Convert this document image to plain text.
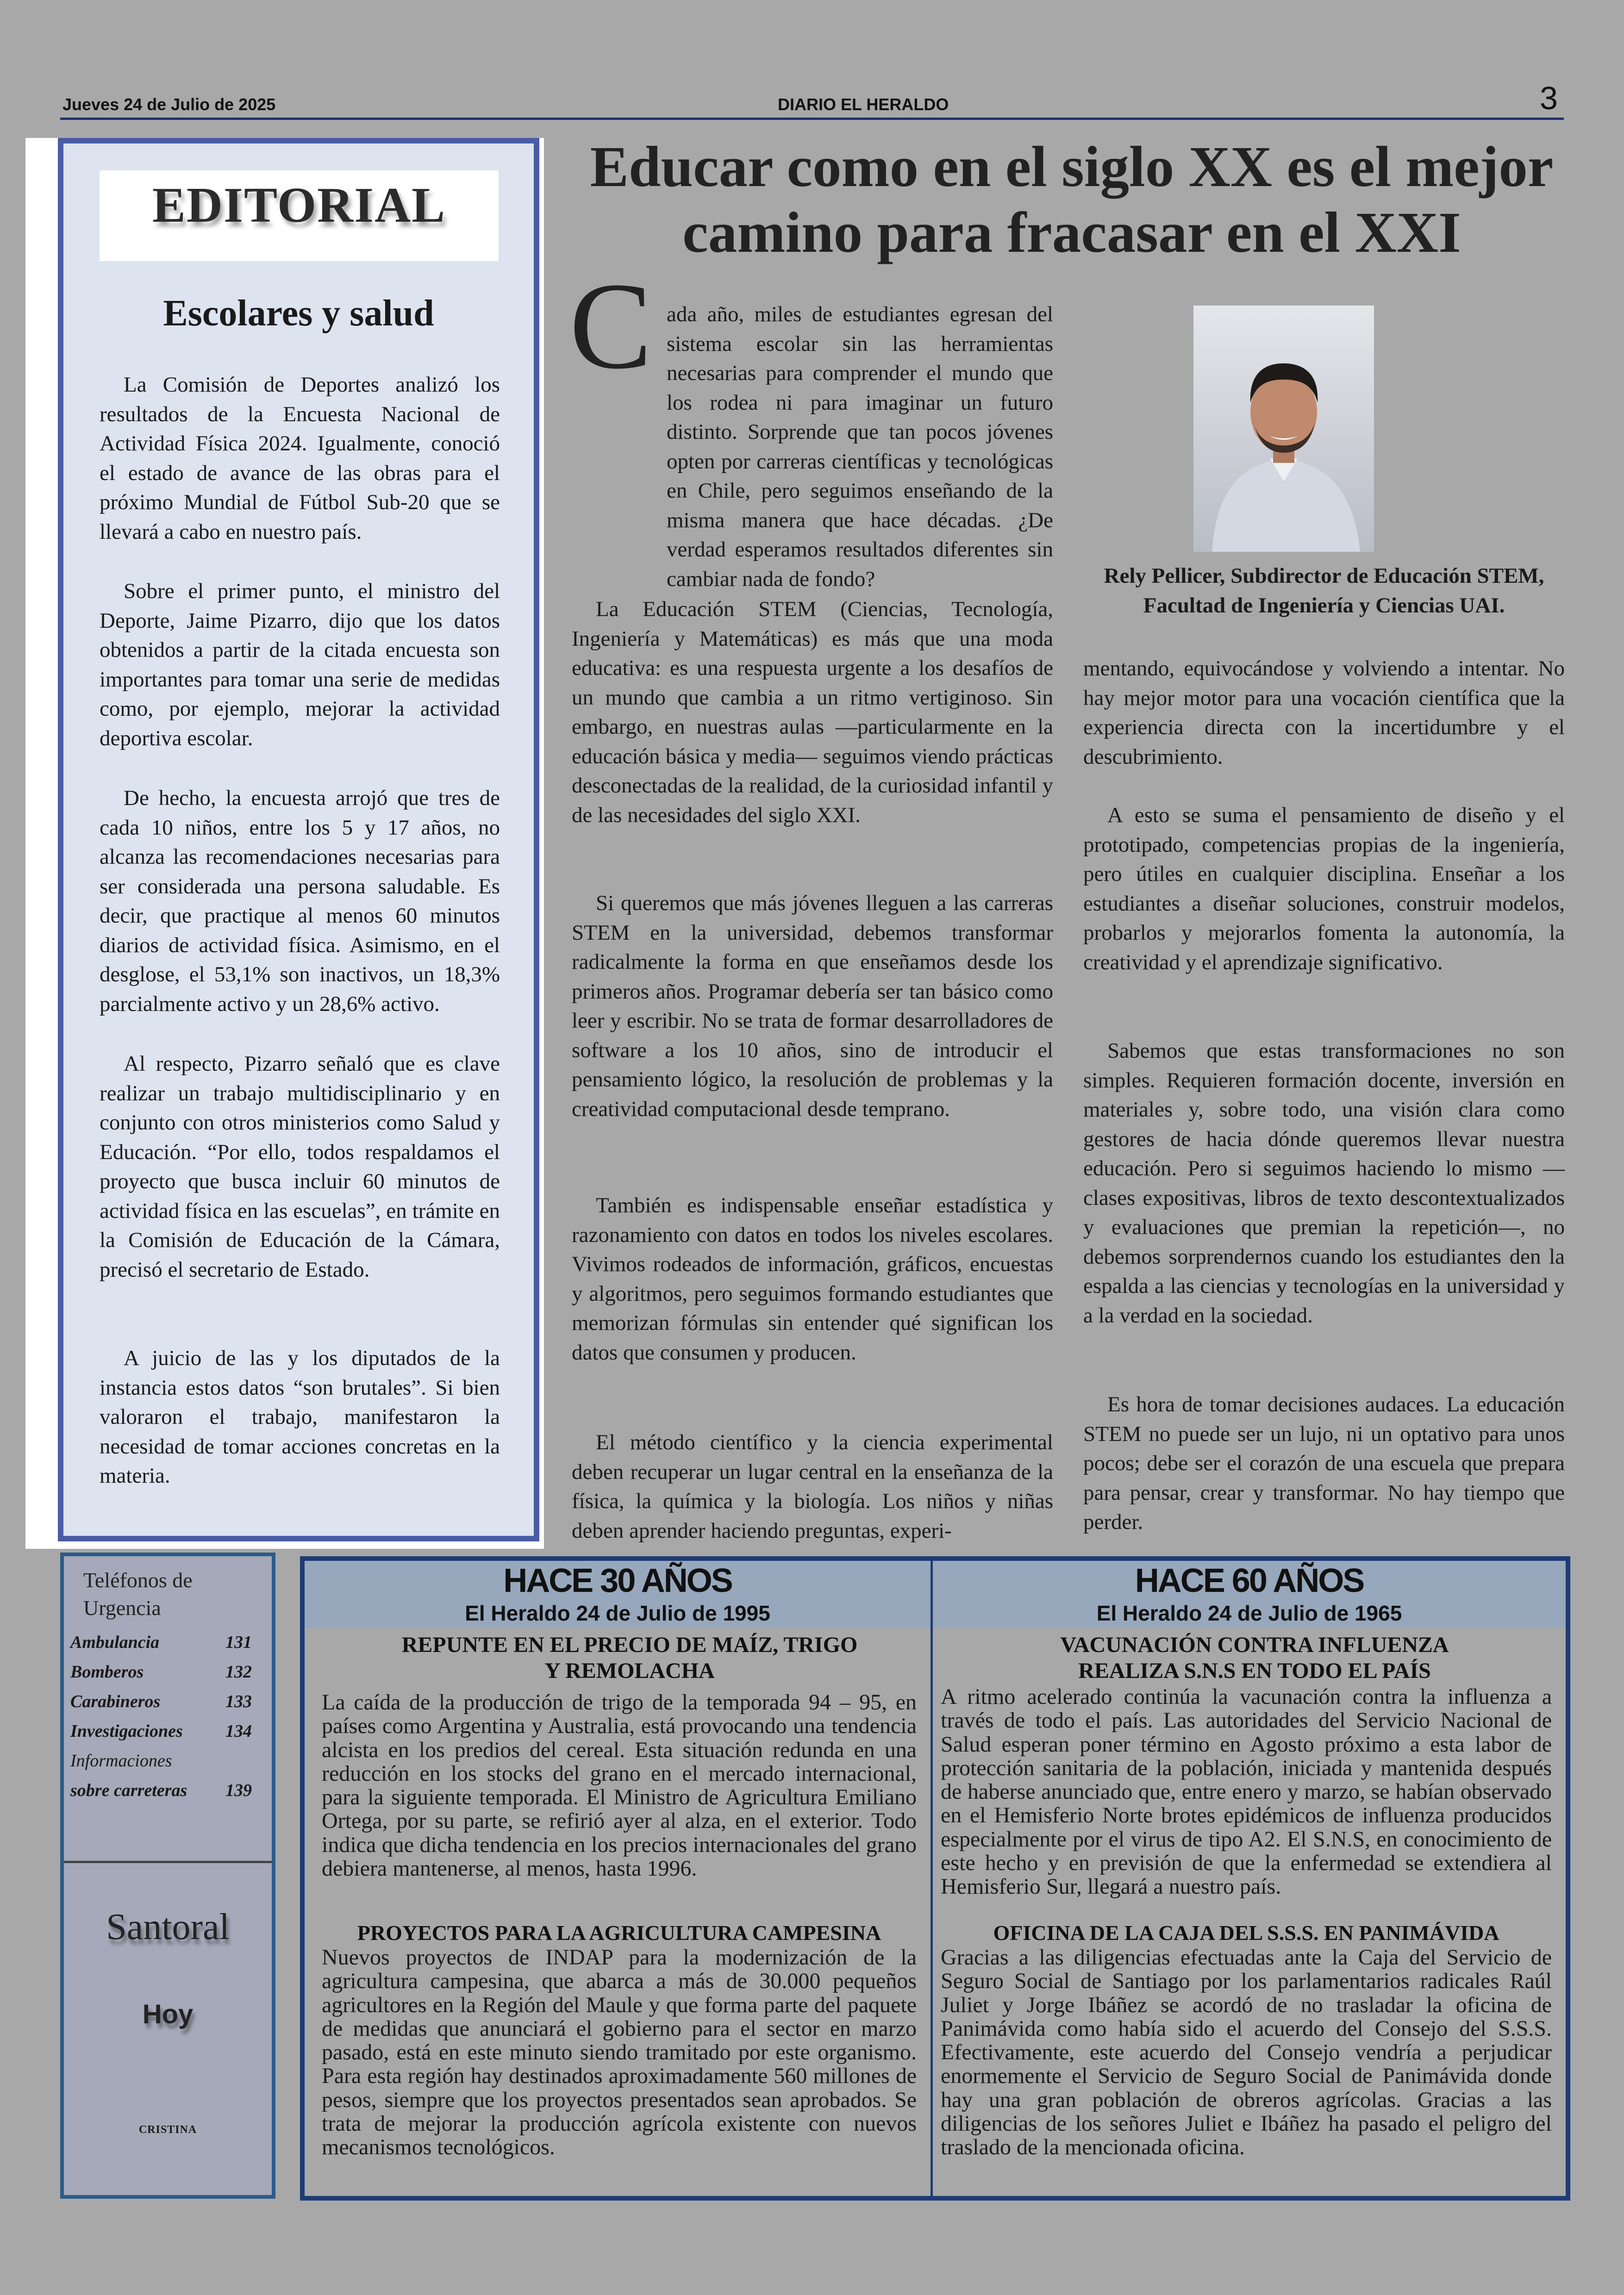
Jueves 24 de Julio de 2025	DIARIO EL HERALDO	3
EDITORIAL
Escolares y salud

La Comisión de Deportes analizó los resultados de la Encuesta Nacional de Actividad Física 2024. Igualmente, conoció el estado de avance de las obras para el próximo Mundial de Fútbol Sub-20 que se llevará a cabo en nuestro país.

Sobre el primer punto, el ministro del Deporte, Jaime Pizarro, dijo que los datos obtenidos a partir de la citada encuesta son importantes para tomar una serie de medidas como, por ejemplo, mejorar la actividad deportiva escolar.

De hecho, la encuesta arrojó que tres de cada 10 niños, entre los 5 y 17 años, no alcanza las recomendaciones necesarias para ser considerada una persona saludable. Es decir, que practique al menos 60 minutos diarios de actividad física. Asimismo, en el desglose, el 53,1% son inactivos, un 18,3% parcialmente activo y un 28,6% activo.

Al respecto, Pizarro señaló que es clave realizar un trabajo multidisciplinario y en conjunto con otros ministerios como Salud y Educación. “Por ello, todos respaldamos el proyecto que busca incluir 60 minutos de actividad física en las escuelas”, en trámite en la Comisión de Educación de la Cámara, precisó el secretario de Estado.

A juicio de las y los diputados de la instancia estos datos “son brutales”. Si bien valoraron el trabajo, manifestaron la necesidad de tomar acciones concretas en la materia.

Educar como en el siglo XX es el mejor camino para fracasar en el XXI
C ada año, miles de estudiantes egresan del sistema escolar sin las herramientas necesarias para comprender el mundo que los rodea ni para imaginar un futuro distinto. Sorprende que tan pocos jóvenes opten por carreras científicas y tecnológicas en Chile, pero seguimos enseñando de la misma manera que hace décadas. ¿De verdad esperamos resultados diferentes sin cambiar nada de fondo?

La Educación STEM (Ciencias, Tecnología, Ingeniería y Matemáticas) es más que una moda educativa: es una respuesta urgente a los desafíos de un mundo que cambia a un ritmo vertiginoso. Sin embargo, en nuestras aulas —particularmente en la educación básica y media— seguimos viendo prácticas desconectadas de la realidad, de la curiosidad infantil y de las necesidades del siglo XXI.

Si queremos que más jóvenes lleguen a las carreras STEM en la universidad, debemos transformar radicalmente la forma en que enseñamos desde los primeros años. Programar debería ser tan básico como leer y escribir. No se trata de formar desarrolladores de software a los 10 años, sino de introducir el pensamiento lógico, la resolución de problemas y la creatividad computacional desde temprano.

También es indispensable enseñar estadística y razonamiento con datos en todos los niveles escolares. Vivimos rodeados de información, gráficos, encuestas y algoritmos, pero seguimos formando estudiantes que memorizan fórmulas sin entender qué significan los datos que consumen y producen.

El método científico y la ciencia experimental deben recuperar un lugar central en la enseñanza de la física, la química y la biología. Los niños y niñas deben aprender haciendo preguntas, experi-

Rely Pellicer, Subdirector de Educación STEM, Facultad de Ingeniería y Ciencias UAI.

mentando, equivocándose y volviendo a intentar. No hay mejor motor para una vocación científica que la experiencia directa con la incertidumbre y el descubrimiento.

A esto se suma el pensamiento de diseño y el prototipado, competencias propias de la ingeniería, pero útiles en cualquier disciplina. Enseñar a los estudiantes a diseñar soluciones, construir modelos, probarlos y mejorarlos fomenta la autonomía, la creatividad y el aprendizaje significativo.

Sabemos que estas transformaciones no son simples. Requieren formación docente, inversión en materiales y, sobre todo, una visión clara como gestores de hacia dónde queremos llevar nuestra educación. Pero si seguimos haciendo lo mismo —clases expositivas, libros de texto descontextualizados y evaluaciones que premian la repetición—, no debemos sorprendernos cuando los estudiantes den la espalda a las ciencias y tecnologías en la universidad y a la verdad en la sociedad.

Es hora de tomar decisiones audaces. La educación STEM no puede ser un lujo, ni un optativo para unos pocos; debe ser el corazón de una escuela que prepara para pensar, crear y transformar. No hay tiempo que perder.

Teléfonos de Urgencia
Ambulancia	131
Bomberos	132
Carabineros	133
Investigaciones 134
Informaciones
sobre carreteras 139
Santoral
Hoy
CRISTINA
HACE 30 AÑOS
El Heraldo 24 de Julio de 1995

REPUNTE EN EL PRECIO DE MAÍZ, TRIGO Y REMOLACHA

La caída de la producción de trigo de la temporada 94 – 95, en países como Argentina y Australia, está provocando una tendencia alcista en los predios del cereal. Esta situación redunda en una reducción en los stocks del grano en el mercado internacional, para la siguiente temporada. El Ministro de Agricultura Emiliano Ortega, por su parte, se refirió ayer al alza, en el exterior. Todo indica que dicha tendencia en los precios internacionales del grano debiera mantenerse, al menos, hasta 1996.

PROYECTOS PARA LA AGRICULTURA CAMPESINA

Nuevos proyectos de INDAP para la modernización de la agricultura campesina, que abarca a más de 30.000 pequeños agricultores en la Región del Maule y que forma parte del paquete de medidas que anunciará el gobierno para el sector en marzo pasado, está en este minuto siendo tramitado por este organismo. Para esta región hay destinados aproximadamente 560 millones de pesos, siempre que los proyectos presentados sean aprobados. Se trata de mejorar la producción agrícola existente con nuevos mecanismos tecnológicos.

HACE 60 AÑOS
El Heraldo 24 de Julio de 1965

VACUNACIÓN CONTRA INFLUENZA REALIZA S.N.S EN TODO EL PAÍS

A ritmo acelerado continúa la vacunación contra la influenza a través de todo el país. Las autoridades del Servicio Nacional de Salud esperan poner término en Agosto próximo a esta labor de protección sanitaria de la población, iniciada y mantenida después de haberse anunciado que, entre enero y marzo, se habían observado en el Hemisferio Norte brotes epidémicos de influenza producidos especialmente por el virus de tipo A2. El S.N.S, en conocimiento de este hecho y en previsión de que la enfermedad se extendiera al Hemisferio Sur, llegará a nuestro país.

OFICINA DE LA CAJA DEL S.S.S. EN PANIMÁVIDA

Gracias a las diligencias efectuadas ante la Caja del Servicio de Seguro Social de Santiago por los parlamentarios radicales Raúl Juliet y Jorge Ibáñez se acordó de no trasladar la oficina de Panimávida como había sido el acuerdo del Consejo del S.S.S. Efectivamente, este acuerdo del Consejo vendría a perjudicar enormemente el Servicio de Seguro Social de Panimávida donde hay una gran población de obreros agrícolas. Gracias a las diligencias de los señores Juliet e Ibáñez ha pasado el peligro del traslado de la mencionada oficina.
